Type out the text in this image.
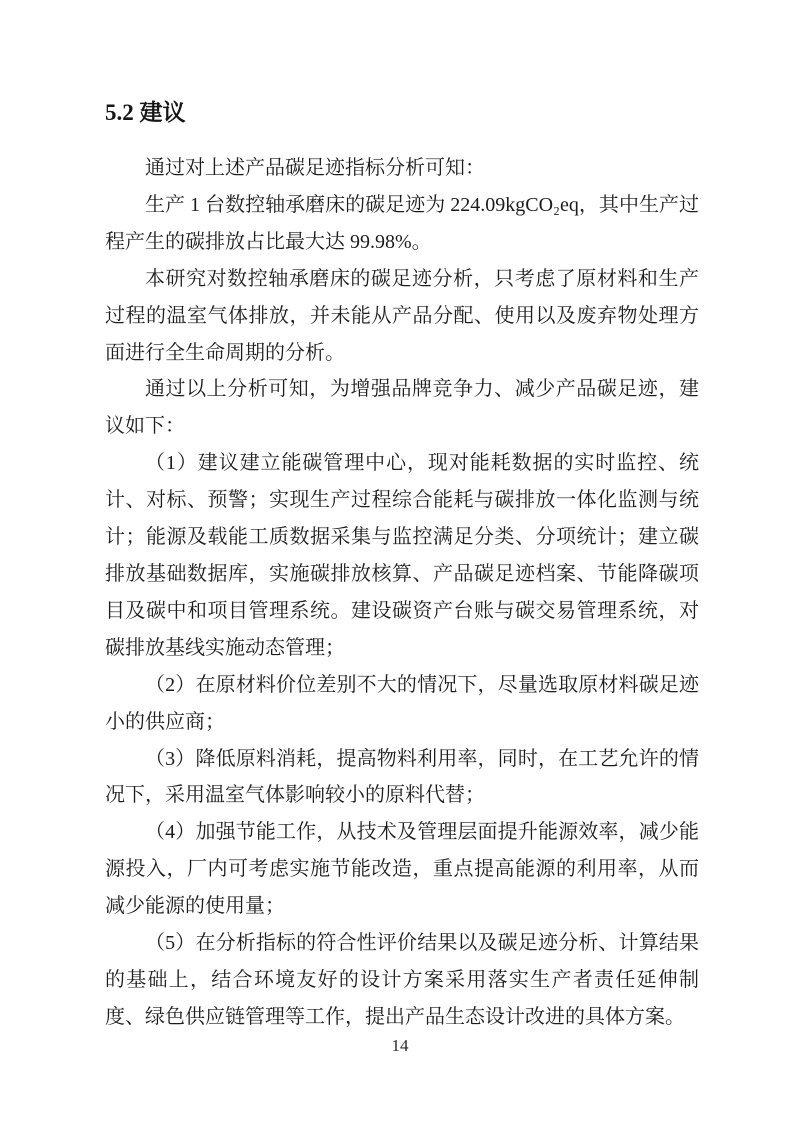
5.2 建议

通过对上述产品碳足迹指标分析可知：

生产 1 台数控轴承磨床的碳足迹为 224.09kgCO₂eq，其中生产过程产生的碳排放占比最大达 99.98%。

本研究对数控轴承磨床的碳足迹分析，只考虑了原材料和生产过程的温室气体排放，并未能从产品分配、使用以及废弃物处理方面进行全生命周期的分析。

通过以上分析可知，为增强品牌竞争力、减少产品碳足迹，建议如下：

（1）建议建立能碳管理中心，现对能耗数据的实时监控、统计、对标、预警；实现生产过程综合能耗与碳排放一体化监测与统计；能源及载能工质数据采集与监控满足分类、分项统计；建立碳排放基础数据库，实施碳排放核算、产品碳足迹档案、节能降碳项目及碳中和项目管理系统。建设碳资产台账与碳交易管理系统，对碳排放基线实施动态管理；

（2）在原材料价位差别不大的情况下，尽量选取原材料碳足迹小的供应商；

（3）降低原料消耗，提高物料利用率，同时，在工艺允许的情况下，采用温室气体影响较小的原料代替；

（4）加强节能工作，从技术及管理层面提升能源效率，减少能源投入，厂内可考虑实施节能改造，重点提高能源的利用率，从而减少能源的使用量；

（5）在分析指标的符合性评价结果以及碳足迹分析、计算结果的基础上，结合环境友好的设计方案采用落实生产者责任延伸制度、绿色供应链管理等工作，提出产品生态设计改进的具体方案。

14
